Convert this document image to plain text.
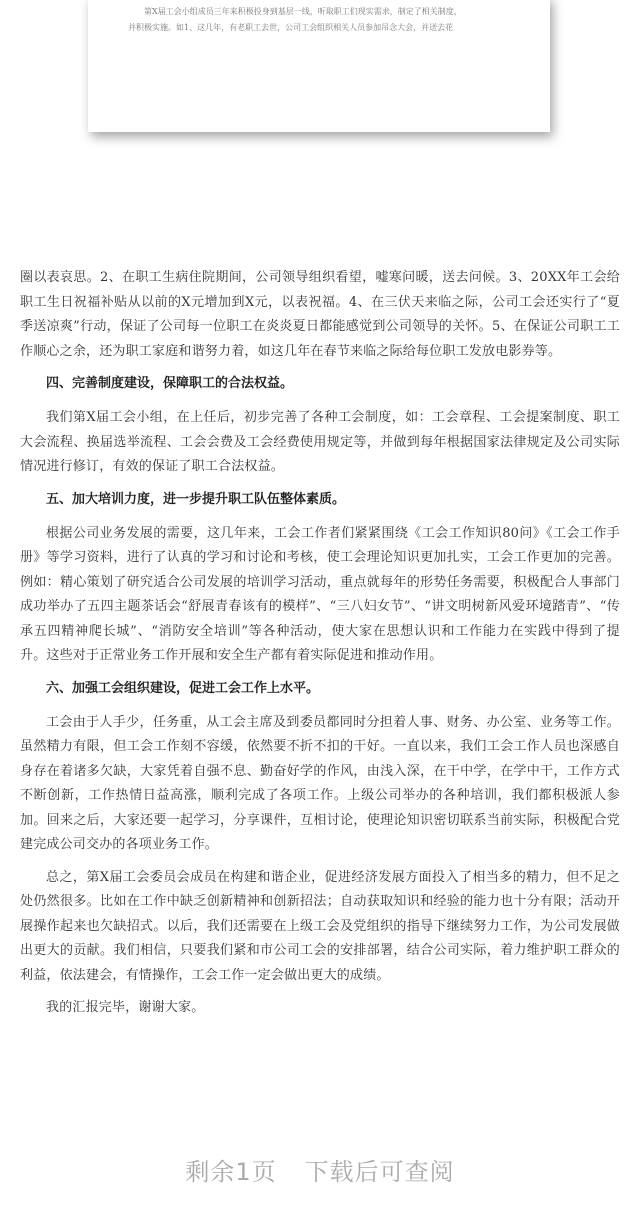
第X届工会小组成员三年来积极投身到基层一线，听取职工们现实需求，制定了相关制度，

并积极实施。如1、这几年，有老职工去世，公司工会组织相关人员参加吊念大会，并送去花

圈以表哀思。2、在职工生病住院期间，公司领导组织看望，嘘寒问暖，送去问候。3、20XX年工会给职工生日祝福补贴从以前的X元增加到X元，以表祝福。4、在三伏天来临之际，公司工会还实行了“夏季送凉爽”行动，保证了公司每一位职工在炎炎夏日都能感觉到公司领导的关怀。5、在保证公司职工工作顺心之余，还为职工家庭和谐努力着，如这几年在春节来临之际给每位职工发放电影券等。

四、完善制度建设，保障职工的合法权益。

我们第X届工会小组，在上任后，初步完善了各种工会制度，如：工会章程、工会提案制度、职工大会流程、换届选举流程、工会会费及工会经费使用规定等，并做到每年根据国家法律规定及公司实际情况进行修订，有效的保证了职工合法权益。

五、加大培训力度，进一步提升职工队伍整体素质。

根据公司业务发展的需要，这几年来，工会工作者们紧紧围绕《工会工作知识80问》《工会工作手册》等学习资料，进行了认真的学习和讨论和考核，使工会理论知识更加扎实，工会工作更加的完善。例如：精心策划了研究适合公司发展的培训学习活动，重点就每年的形势任务需要，积极配合人事部门成功举办了五四主题茶话会“舒展青春该有的模样”、“三八妇女节”、“讲文明树新风爱环境踏青”、“传承五四精神爬长城”、“消防安全培训”等各种活动，使大家在思想认识和工作能力在实践中得到了提升。这些对于正常业务工作开展和安全生产都有着实际促进和推动作用。

六、加强工会组织建设，促进工会工作上水平。

工会由于人手少，任务重，从工会主席及到委员都同时分担着人事、财务、办公室、业务等工作。虽然精力有限，但工会工作刻不容缓，依然要不折不扣的干好。一直以来，我们工会工作人员也深感自身存在着诸多欠缺，大家凭着自强不息、勤奋好学的作风，由浅入深，在干中学，在学中干，工作方式不断创新，工作热情日益高涨，顺利完成了各项工作。上级公司举办的各种培训，我们都积极派人参加。回来之后，大家还要一起学习，分享课件，互相讨论，使理论知识密切联系当前实际，积极配合党建完成公司交办的各项业务工作。

总之，第X届工会委员会成员在构建和谐企业，促进经济发展方面投入了相当多的精力，但不足之处仍然很多。比如在工作中缺乏创新精神和创新招法；自动获取知识和经验的能力也十分有限；活动开展操作起来也欠缺招式。以后，我们还需要在上级工会及党组织的指导下继续努力工作，为公司发展做出更大的贡献。我们相信，只要我们紧和市公司工会的安排部署，结合公司实际，着力维护职工群众的利益，依法建会，有情操作，工会工作一定会做出更大的成绩。

我的汇报完毕，谢谢大家。

剩余1页 下载后可查阅
